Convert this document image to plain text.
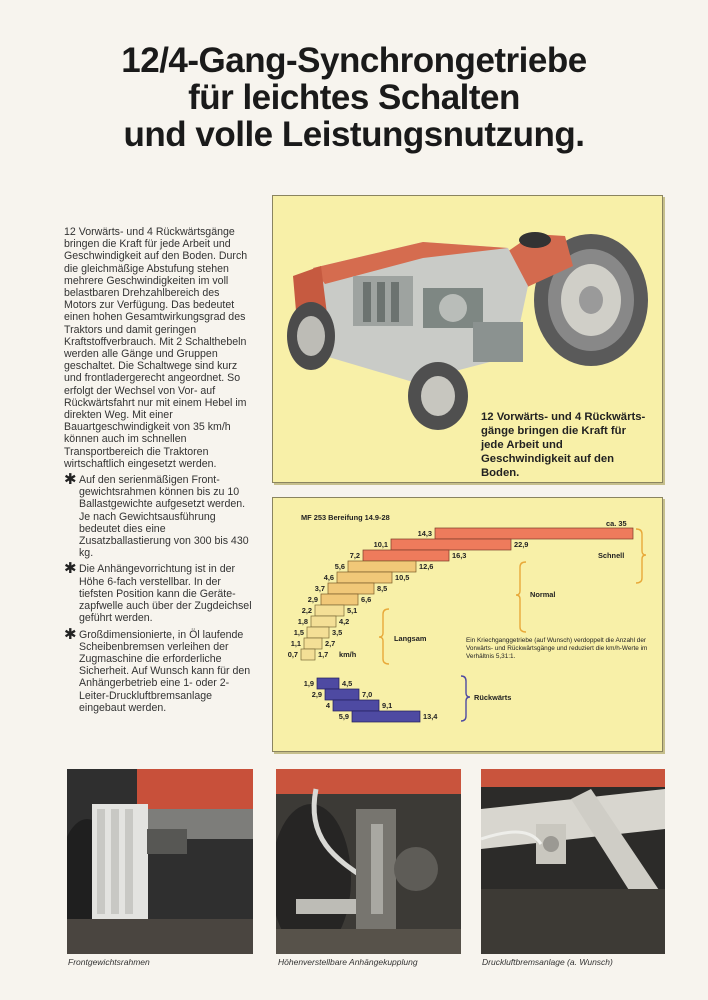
12/4-Gang-Synchrongetriebe
für leichtes Schalten
und volle Leistungsnutzung.
12 Vorwärts- und 4 Rückwärtsgänge bringen die Kraft für jede Arbeit und Geschwindigkeit auf den Boden. Durch die gleichmäßige Abstufung stehen mehrere Geschwindigkeiten im voll belastbaren Drehzahlbereich des Motors zur Verfügung. Das bedeutet einen hohen Gesamtwirkungsgrad des Traktors und damit geringen Kraftstoffverbrauch. Mit 2 Schalthebeln werden alle Gänge und Gruppen geschaltet. Die Schaltwege sind kurz und frontladergerecht angeordnet. So erfolgt der Wechsel von Vor- auf Rückwärtsfahrt nur mit einem Hebel im direkten Weg. Mit einer Bauartgeschwindigkeit von 35 km/h können auch im schnellen Transportbereich die Traktoren wirtschaftlich eingesetzt werden.
✱ Auf den serienmäßigen Frontgewichtsrahmen können bis zu 10 Ballastgewichte aufgesetzt werden. Je nach Gewichtsausführung bedeutet dies eine Zusatzballastierung von 300 bis 430 kg.
✱ Die Anhängevorrichtung ist in der Höhe 6-fach verstellbar. In der tiefsten Position kann die Gerätezapfwelle auch über der Zugdeichsel geführt werden.
✱ Großdimensionierte, in Öl laufende Scheibenbremsen verleihen der Zugmaschine die erforderliche Sicherheit. Auf Wunsch kann für den Anhängerbetrieb eine 1- oder 2-Leiter-Druckluftbremsanlage eingebaut werden.
12 Vorwärts- und 4 Rückwärtsgänge bringen die Kraft für jede Arbeit und Geschwindigkeit auf den Boden.
MF 253 Bereifung 14.9-28
ca. 35
14,3
10,1	22,9
7,2	16,3
5,6	12,6
4,6	10,5
3,7	8,5
2,9	6,6
2,2	5,1
1,8	4,2
1,5	3,5
1,1	2,7
0,7	1,7 km/h
Schnell
Normal
Langsam	Ein Kriechganggetriebe (auf Wunsch) verdoppelt die Anzahl der Vorwärts- und Rückwärtsgänge und reduziert die km/h-Werte im Verhältnis 5,31:1.
1,9	4,5
2,9	7,0
4	9,1
5,9	13,4
Rückwärts
Frontgewichtsrahmen	Höhenverstellbare Anhängekupplung	Druckluftbremsanlage (a. Wunsch)
